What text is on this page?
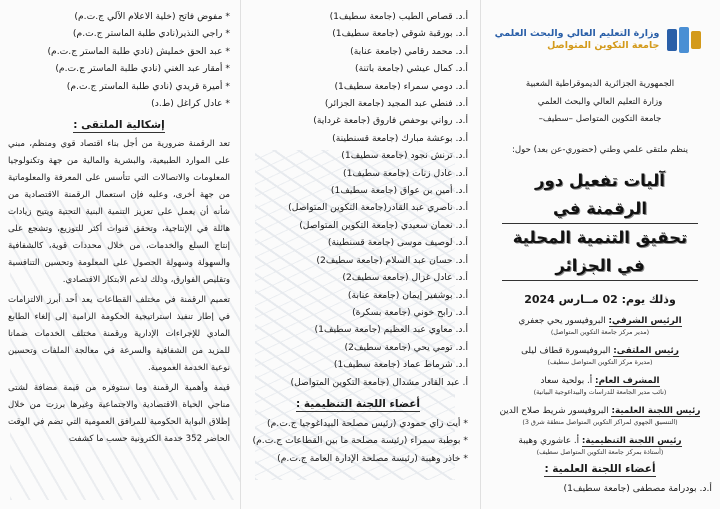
* مفوض فاتح (خلية الاعلام الآلي ج.ت.م)
* راجي النذير(نادي طلبة الماستر ج.ت.م)
* عبد الحق خمليش (نادي طلبة الماستر ج.ت.م)
* أمقار عبد الغني (نادي طلبة الماستر ج.ت.م)
* أميرة قريدي (نادي طلبة الماستر ج.ت.م)
* عادل كراغل (ط.د)
إشكالية الملتقى :

تعد الرقمنة ضرورية من أجل بناء اقتصاد قوي ومنظم، مبني على الموارد الطبيعية، والبشرية والمالية من جهة وتكنولوجيا المعلومات والاتصالات التي تتأسس على المعرفة والمعلوماتية من جهة أخرى، وعليه فإن استعمال الرقمنة الاقتصادية من شأنه أن يعمل على تعزيز التنمية البنية التحتية ويتيح زيادات هائلة في الإنتاجية، وتحقق قنوات أكثر للتوزيع، وتشجع على إنتاج السلع والخدمات، من خلال محددات قوية، كالشفافية والسهولة وسهولة الحصول على المعلومة وتحسين التنافسية وتقليص الفوارق، وذلك لدعم الابتكار الاقتصادي.

تعميم الرقمنة في مختلف القطاعات يعد أحد أبرز الالتزامات في إطار تنفيذ استراتيجية الحكومة الرامية إلى إلغاء الطابع المادي للإجراءات الإدارية ورقمنة مختلف الخدمات ضمانا للمزيد من الشفافية والسرعة في معالجة الملفات وتحسين نوعية الخدمة العمومية.

قيمة وأهمية الرقمنة وما ستوفره من قيمة مضافة لشتى مناحي الحياة الاقتصادية والاجتماعية وغيرها برزت من خلال إطلاق البوابة الحكومية للمرافق العمومية التي تضم في الوقت الحاضر 352 خدمة الكترونية حسب ما كشفت

أ.د. قصاص الطيب (جامعة سطيف1)
أ.د. بورقبة شوقي (جامعة سطيف1)
أ.د. محمد رقامي (جامعة عنابة)
أ.د. كمال عيشي (جامعة باتنة)
أ.د. دومي سمراء (جامعة سطيف1)
أ.د. فنطي عبد المجيد (جامعة الجزائر)
أ.د. رواني بوحفص فاروق (جامعة غرداية)
أ.د. بوعشة مبارك (جامعة قسنطينة)
أ.د. ترنش نجود (جامعة سطيف1)
أ.د. عادل زنات (جامعة سطيف1)
أ.د. أمين بن عواق (جامعة سطيف1)
أ.د. ناصري عبد القادر(جامعة التكوين المتواصل)
أ.د. نعمان سعيدي (جامعة التكوين المتواصل)
أ.د. لوصيف موسى (جامعة قسنطينة)
أ.د. حسان عبد السلام (جامعة سطيف2)
أ.د. عادل غزال (جامعة سطيف2)
أ.د. بوشفير إيمان (جامعة عنابة)
أ.د. رابح خوني (جامعة بسكرة)
أ.د. معاوي عبد العظيم (جامعة سطيف1)
أ.د. تومي يحي (جامعة سطيف2)
أ.د. شرماط عماد (جامعة سطيف1)
أ. عبد القادر مشدال (جامعة التكوين المتواصل)
أعضاء اللجنة التنظيمية :
* أيت زاي حمودي (رئيس مصلحة البيداغوجيا ج.ت.م)
* بوطبة سمراء (رئيسة مصلحة ما بين القطاعات ج.ت.م)
* خاذر وهيبة (رئيسة مصلحة الإدارة العامة ج.ت.م)
وزارة التعليم العالي والبحث العلمي
جامعة التكوين المتواصل
الجمهورية الجزائرية الديموقراطية الشعبية
وزارة التعليم العالي والبحث العلمي
جامعة التكوين المتواصل –سطيف–
ينظم ملتقى علمي وطني (حضوري-عن بعد) حول:
آليات تفعيل دور الرقمنة في
تحقيق التنمية المحلية في الجزائر
وذلك يوم: 02 مــارس 2024
الرئيس الشرفي: البروفيسور يحي جعفري
(مدير مركز جامعة التكوين المتواصل)
رئيس الملتقى: البروفيسورة قطاف ليلى
(مديرة مركز التكوين المتواصل سطيف)
المشرف العام: أ. بولحية سعاد
(نائب مدير الجامعة للدراسات والبيداغوجية البيانية)
رئيس اللجنة العلمية: البروفيسور شريط صلاح الدين
(التنسيق الجهوي لمراكز التكوين المتواصل منطقة شرق 3)
رئيس اللجنة التنظيمية: أ. عاشوري وهيبة
(أستاذة بمركز جامعة التكوين المتواصل سطيف)
أعضاء اللجنة العلمية :
أ.د. بودرامة مصطفى (جامعة سطيف1)
